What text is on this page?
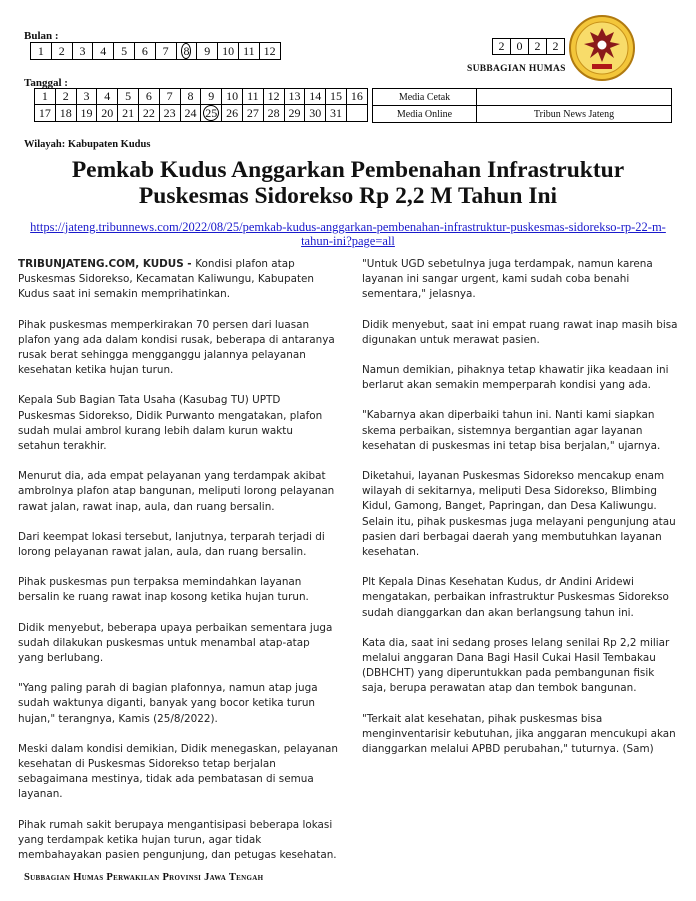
Bulan :
1	2	3	4	5	6	7	8	9	10	11	12	2	0	2	2
SUBBAGIAN HUMAS
Tanggal :
1	2	3	4	5	6	7	8	9	10	11	12	13	14	15	16
17	18	19	20	21	22	23	24	25	26	27	28	29	30	31	
Media Cetak	
Media Online	Tribun News Jateng
Wilayah: Kabupaten Kudus
Pemkab Kudus Anggarkan Pembenahan Infrastruktur Puskesmas Sidorekso Rp 2,2 M Tahun Ini
https://jateng.tribunnews.com/2022/08/25/pemkab-kudus-anggarkan-pembenahan-infrastruktur-puskesmas-sidorekso-rp-22-m-tahun-ini?page=all

TRIBUNJATENG.COM, KUDUS - Kondisi plafon atap Puskesmas Sidorekso, Kecamatan Kaliwungu, Kabupaten Kudus saat ini semakin memprihatinkan.

Pihak puskesmas memperkirakan 70 persen dari luasan plafon yang ada dalam kondisi rusak, beberapa di antaranya rusak berat sehingga mengganggu jalannya pelayanan kesehatan ketika hujan turun.

Kepala Sub Bagian Tata Usaha (Kasubag TU) UPTD Puskesmas Sidorekso, Didik Purwanto mengatakan, plafon sudah mulai ambrol kurang lebih dalam kurun waktu setahun terakhir.

Menurut dia, ada empat pelayanan yang terdampak akibat ambrolnya plafon atap bangunan, meliputi lorong pelayanan rawat jalan, rawat inap, aula, dan ruang bersalin.

Dari keempat lokasi tersebut, lanjutnya, terparah terjadi di lorong pelayanan rawat jalan, aula, dan ruang bersalin.

Pihak puskesmas pun terpaksa memindahkan layanan bersalin ke ruang rawat inap kosong ketika hujan turun.

Didik menyebut, beberapa upaya perbaikan sementara juga sudah dilakukan puskesmas untuk menambal atap-atap yang berlubang.

"Yang paling parah di bagian plafonnya, namun atap juga sudah waktunya diganti, banyak yang bocor ketika turun hujan," terangnya, Kamis (25/8/2022).

Meski dalam kondisi demikian, Didik menegaskan, pelayanan kesehatan di Puskesmas Sidorekso tetap berjalan sebagaimana mestinya, tidak ada pembatasan di semua layanan.

Pihak rumah sakit berupaya mengantisipasi beberapa lokasi yang terdampak ketika hujan turun, agar tidak membahayakan pasien pengunjung, dan petugas kesehatan.

"Untuk UGD sebetulnya juga terdampak, namun karena layanan ini sangar urgent, kami sudah coba benahi sementara," jelasnya.

Didik menyebut, saat ini empat ruang rawat inap masih bisa digunakan untuk merawat pasien.

Namun demikian, pihaknya tetap khawatir jika keadaan ini berlarut akan semakin memperparah kondisi yang ada.

"Kabarnya akan diperbaiki tahun ini. Nanti kami siapkan skema perbaikan, sistemnya bergantian agar layanan kesehatan di puskesmas ini tetap bisa berjalan," ujarnya.

Diketahui, layanan Puskesmas Sidorekso mencakup enam wilayah di sekitarnya, meliputi Desa Sidorekso, Blimbing Kidul, Gamong, Banget, Papringan, dan Desa Kaliwungu. Selain itu, pihak puskesmas juga melayani pengunjung atau pasien dari berbagai daerah yang membutuhkan layanan kesehatan.

Plt Kepala Dinas Kesehatan Kudus, dr Andini Aridewi mengatakan, perbaikan infrastruktur Puskesmas Sidorekso sudah dianggarkan dan akan berlangsung tahun ini.

Kata dia, saat ini sedang proses lelang senilai Rp 2,2 miliar melalui anggaran Dana Bagi Hasil Cukai Hasil Tembakau (DBHCHT) yang diperuntukkan pada pembangunan fisik saja, berupa perawatan atap dan tembok bangunan.

"Terkait alat kesehatan, pihak puskesmas bisa menginventarisir kebutuhan, jika anggaran mencukupi akan dianggarkan melalui APBD perubahan," tuturnya. (Sam)

Subbagian Humas Perwakilan Provinsi Jawa Tengah
